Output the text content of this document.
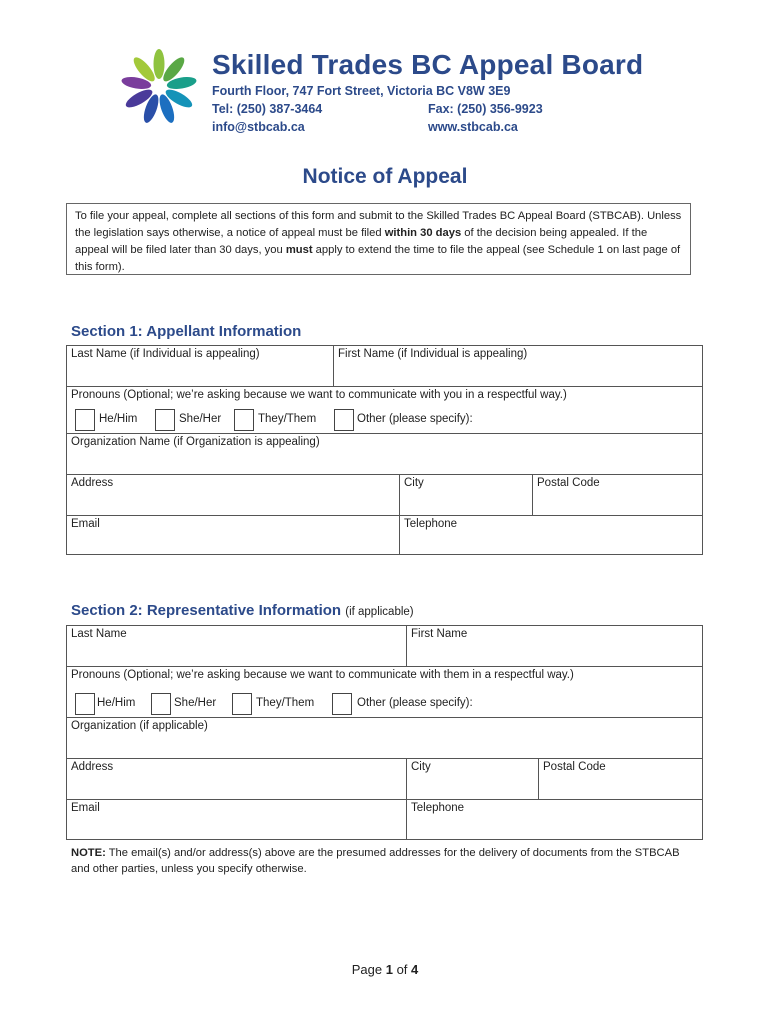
Skilled Trades BC Appeal Board
Fourth Floor, 747 Fort Street, Victoria BC V8W 3E9
Tel: (250) 387-3464	Fax: (250) 356-9923
info@stbcab.ca	www.stbcab.ca
Notice of Appeal
To file your appeal, complete all sections of this form and submit to the Skilled Trades BC Appeal Board (STBCAB). Unless the legislation says otherwise, a notice of appeal must be filed within 30 days of the decision being appealed. If the appeal will be filed later than 30 days, you must apply to extend the time to file the appeal (see Schedule 1 on last page of this form).
Section 1: Appellant Information
Last Name (if Individual is appealing)	First Name (if Individual is appealing)
Pronouns (Optional; we’re asking because we want to communicate with you in a respectful way.)
He/Him	She/Her	They/Them	Other (please specify):
Organization Name (if Organization is appealing)
Address	City	Postal Code
Email	Telephone
Section 2: Representative Information (if applicable)
Last Name	First Name
Pronouns (Optional; we’re asking because we want to communicate with them in a respectful way.)
He/Him	She/Her	They/Them	Other (please specify):
Organization (if applicable)
Address	City	Postal Code
Email	Telephone
NOTE: The email(s) and/or address(s) above are the presumed addresses for the delivery of documents from the STBCAB and other parties, unless you specify otherwise.
Page 1 of 4
